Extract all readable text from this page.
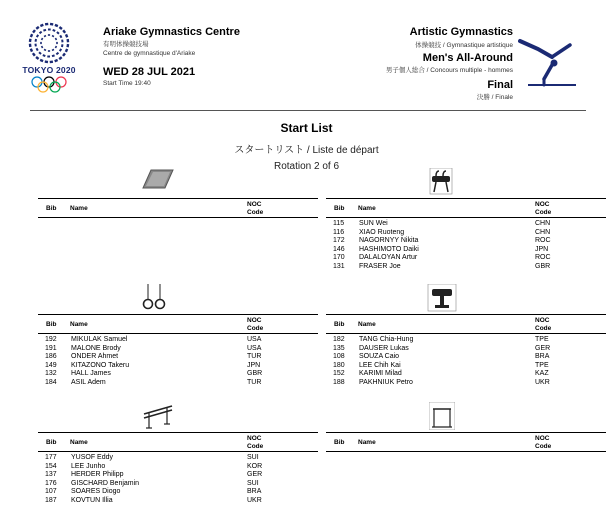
TOKYO 2020
Ariake Gymnastics Centre
有明体操競技場
Centre de gymnastique d'Ariake
WED 28 JUL 2021
Start Time 19:40
Artistic Gymnastics
体操競技 / Gymnastique artistique
Men's All-Around
男子個人総合 / Concours multiple - hommes
Final
決勝 / Finale
Start List
スタートリスト / Liste de départ
Rotation 2 of 6
Bib Name
NOC
Code
Bib Name
NOC
Code
115 SUN Wei	CHN
116 XIAO Ruoteng	CHN
172 NAGORNYY Nikita	ROC
146 HASHIMOTO Daiki	JPN
170 DALALOYAN Artur	ROC
131 FRASER Joe	GBR
Bib Name
NOC
Code
192 MIKULAK Samuel	USA
191 MALONE Brody	USA
186 ONDER Ahmet	TUR
149 KITAZONO Takeru	JPN
132 HALL James	GBR
184 ASIL Adem	TUR
Bib Name
NOC
Code
182 TANG Chia-Hung	TPE
135 DAUSER Lukas	GER
108 SOUZA Caio	BRA
180 LEE Chih Kai	TPE
152 KARIMI Milad	KAZ
188 PAKHNIUK Petro	UKR
Bib Name
NOC
Code
177 YUSOF Eddy	SUI
154 LEE Junho	KOR
137 HERDER Philipp	GER
176 GISCHARD Benjamin	SUI
107 SOARES Diogo	BRA
187 KOVTUN Illia	UKR
Bib Name
NOC
Code
